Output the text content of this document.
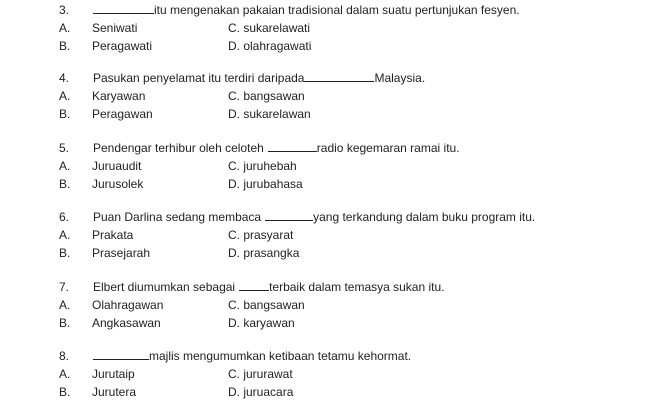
3.	itu mengenakan pakaian tradisional dalam suatu pertunjukan fesyen.
A. Seniwati	C. sukarelawati
B. Peragawati	D. olahragawati
4. Pasukan penyelamat itu terdiri daripada	Malaysia.
A. Karyawan	C. bangsawan
B. Peragawan	D. sukarelawan
5. Pendengar terhibur oleh celoteh	radio kegemaran ramai itu.
A. Juruaudit	C. juruhebah
B. Jurusolek	D. jurubahasa
6. Puan Darlina sedang membaca	yang terkandung dalam buku program itu.
A. Prakata	C. prasyarat
B. Prasejarah	D. prasangka
7. Elbert diumumkan sebagai	terbaik dalam temasya sukan itu.
A. Olahragawan	C. bangsawan
B. Angkasawan	D. karyawan
8.	majlis mengumumkan ketibaan tetamu kehormat.
A. Jurutaip	C. jururawat
B. Jurutera	D. juruacara
